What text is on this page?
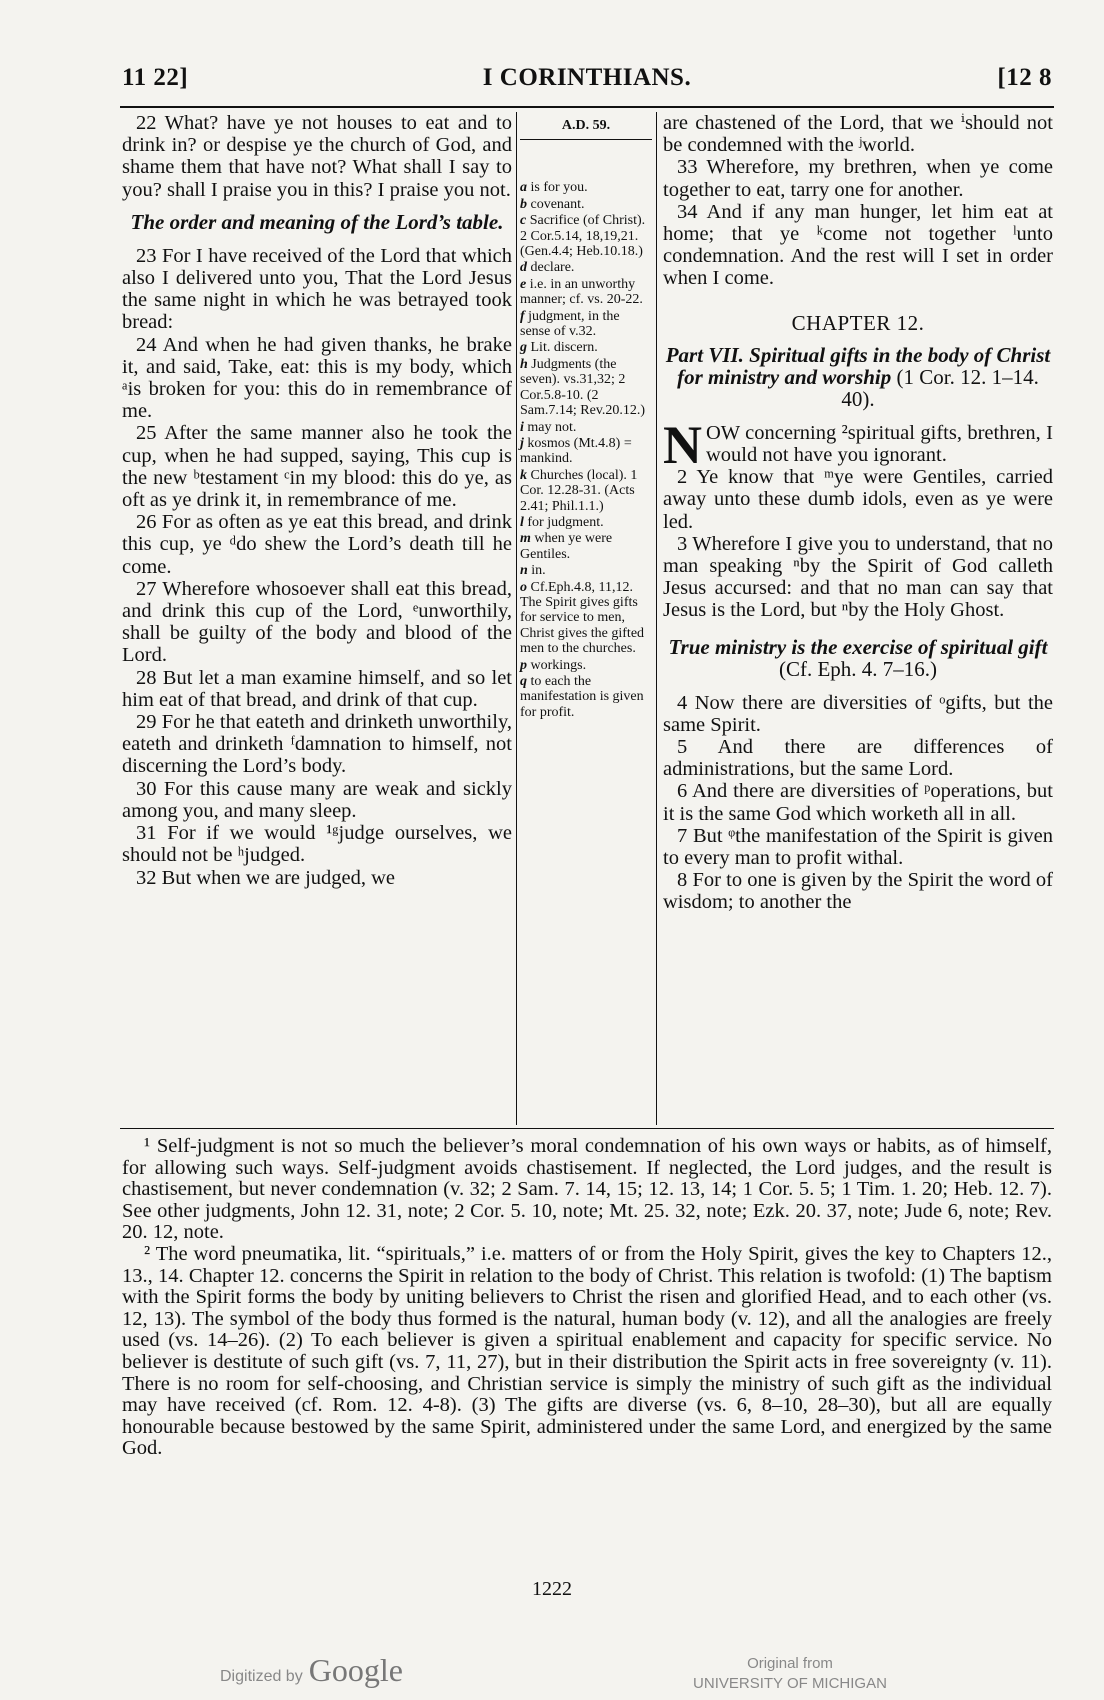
11 22]	I CORINTHIANS.	[12 8

22 What? have ye not houses to eat and to drink in? or despise ye the church of God, and shame them that have not? What shall I say to you? shall I praise you in this? I praise you not.

The order and meaning of the Lord’s table.

23 For I have received of the Lord that which also I delivered unto you, That the Lord Jesus the same night in which he was betrayed took bread:

24 And when he had given thanks, he brake it, and said, Take, eat: this is my body, which ᵃis broken for you: this do in remembrance of me.

25 After the same manner also he took the cup, when he had supped, saying, This cup is the new ᵇtestament ᶜin my blood: this do ye, as oft as ye drink it, in remembrance of me.

26 For as often as ye eat this bread, and drink this cup, ye ᵈdo shew the Lord’s death till he come.

27 Wherefore whosoever shall eat this bread, and drink this cup of the Lord, ᵉunworthily, shall be guilty of the body and blood of the Lord.

28 But let a man examine himself, and so let him eat of that bread, and drink of that cup.

29 For he that eateth and drinketh unworthily, eateth and drinketh ᶠdamnation to himself, not discerning the Lord’s body.

30 For this cause many are weak and sickly among you, and many sleep.

31 For if we would ¹ᵍjudge ourselves, we should not be ʰjudged.

32 But when we are judged, we

A.D. 59.
a is for you.
b covenant.
c Sacrifice (of Christ). 2 Cor.5.14, 18,19,21. (Gen.4.4; Heb.10.18.)
d declare.
e i.e. in an unworthy manner; cf. vs. 20-22.
f judgment, in the sense of v.32.
g Lit. discern.
h Judgments (the seven). vs.31,32; 2 Cor.5.8-10. (2 Sam.7.14; Rev.20.12.)
i may not.
j kosmos (Mt.4.8) = mankind.
k Churches (local). 1 Cor. 12.28-31. (Acts 2.41; Phil.1.1.)
l for judgment.
m when ye were Gentiles.
n in.
o Cf.Eph.4.8, 11,12. The Spirit gives gifts for service to men, Christ gives the gifted men to the churches.
p workings.
q to each the manifestation is given for profit.

are chastened of the Lord, that we ⁱshould not be condemned with the ʲworld.

33 Wherefore, my brethren, when ye come together to eat, tarry one for another.

34 And if any man hunger, let him eat at home; that ye ᵏcome not together ˡunto condemnation. And the rest will I set in order when I come.

CHAPTER 12.

Part VII. Spiritual gifts in the body of Christ for ministry and worship (1 Cor. 12. 1–14. 40).

NOW concerning ²spiritual gifts, brethren, I would not have you ignorant.

2 Ye know that ᵐye were Gentiles, carried away unto these dumb idols, even as ye were led.

3 Wherefore I give you to understand, that no man speaking ⁿby the Spirit of God calleth Jesus accursed: and that no man can say that Jesus is the Lord, but ⁿby the Holy Ghost.

True ministry is the exercise of spiritual gift (Cf. Eph. 4. 7–16.)

4 Now there are diversities of ᵒgifts, but the same Spirit.

5 And there are differences of administrations, but the same Lord.

6 And there are diversities of ᵖoperations, but it is the same God which worketh all in all.

7 But ᵠthe manifestation of the Spirit is given to every man to profit withal.

8 For to one is given by the Spirit the word of wisdom; to another the

¹ Self-judgment is not so much the believer’s moral condemnation of his own ways or habits, as of himself, for allowing such ways. Self-judgment avoids chastisement. If neglected, the Lord judges, and the result is chastisement, but never condemnation (v. 32; 2 Sam. 7. 14, 15; 12. 13, 14; 1 Cor. 5. 5; 1 Tim. 1. 20; Heb. 12. 7). See other judgments, John 12. 31, note; 2 Cor. 5. 10, note; Mt. 25. 32, note; Ezk. 20. 37, note; Jude 6, note; Rev. 20. 12, note.

² The word pneumatika, lit. “spirituals,” i.e. matters of or from the Holy Spirit, gives the key to Chapters 12., 13., 14. Chapter 12. concerns the Spirit in relation to the body of Christ. This relation is twofold: (1) The baptism with the Spirit forms the body by uniting believers to Christ the risen and glorified Head, and to each other (vs. 12, 13). The symbol of the body thus formed is the natural, human body (v. 12), and all the analogies are freely used (vs. 14–26). (2) To each believer is given a spiritual enablement and capacity for specific service. No believer is destitute of such gift (vs. 7, 11, 27), but in their distribution the Spirit acts in free sovereignty (v. 11). There is no room for self-choosing, and Christian service is simply the ministry of such gift as the individual may have received (cf. Rom. 12. 4-8). (3) The gifts are diverse (vs. 6, 8–10, 28–30), but all are equally honourable because bestowed by the same Spirit, administered under the same Lord, and energized by the same God.

1222
Digitized by Google	Original from
UNIVERSITY OF MICHIGAN
